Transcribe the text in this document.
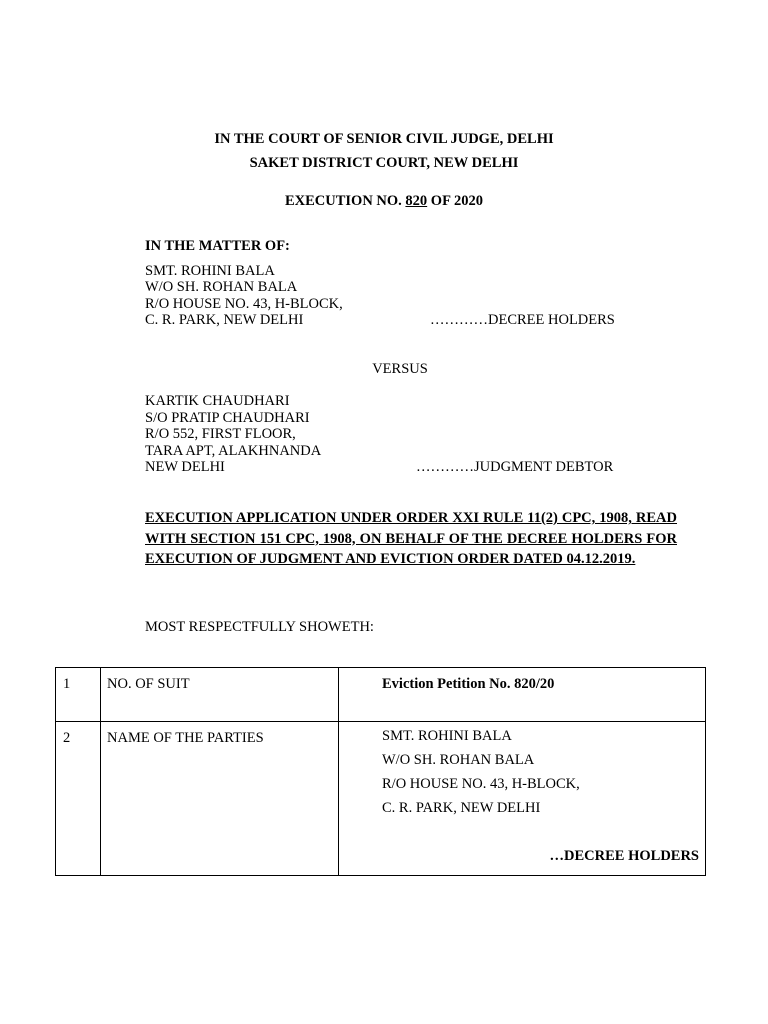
IN THE COURT OF SENIOR CIVIL JUDGE, DELHI
SAKET DISTRICT COURT, NEW DELHI
EXECUTION NO. 820 OF 2020
IN THE MATTER OF:
SMT. ROHINI BALA
W/O SH. ROHAN BALA
R/O HOUSE NO. 43, H-BLOCK,
C. R. PARK, NEW DELHI	…………DECREE HOLDERS
VERSUS
KARTIK CHAUDHARI
S/O PRATIP CHAUDHARI
R/O 552, FIRST FLOOR,
TARA APT, ALAKHNANDA
NEW DELHI	…………JUDGMENT DEBTOR
EXECUTION APPLICATION UNDER ORDER XXI RULE 11(2) CPC, 1908, READ WITH SECTION 151 CPC, 1908, ON BEHALF OF THE DECREE HOLDERS FOR EXECUTION OF JUDGMENT AND EVICTION ORDER DATED 04.12.2019.
MOST RESPECTFULLY SHOWETH:
1	NO. OF SUIT	Eviction Petition No. 820/20

2	NAME OF THE PARTIES	SMT. ROHINI BALA
W/O SH. ROHAN BALA
R/O HOUSE NO. 43, H-BLOCK,
C. R. PARK, NEW DELHI
…DECREE HOLDERS
